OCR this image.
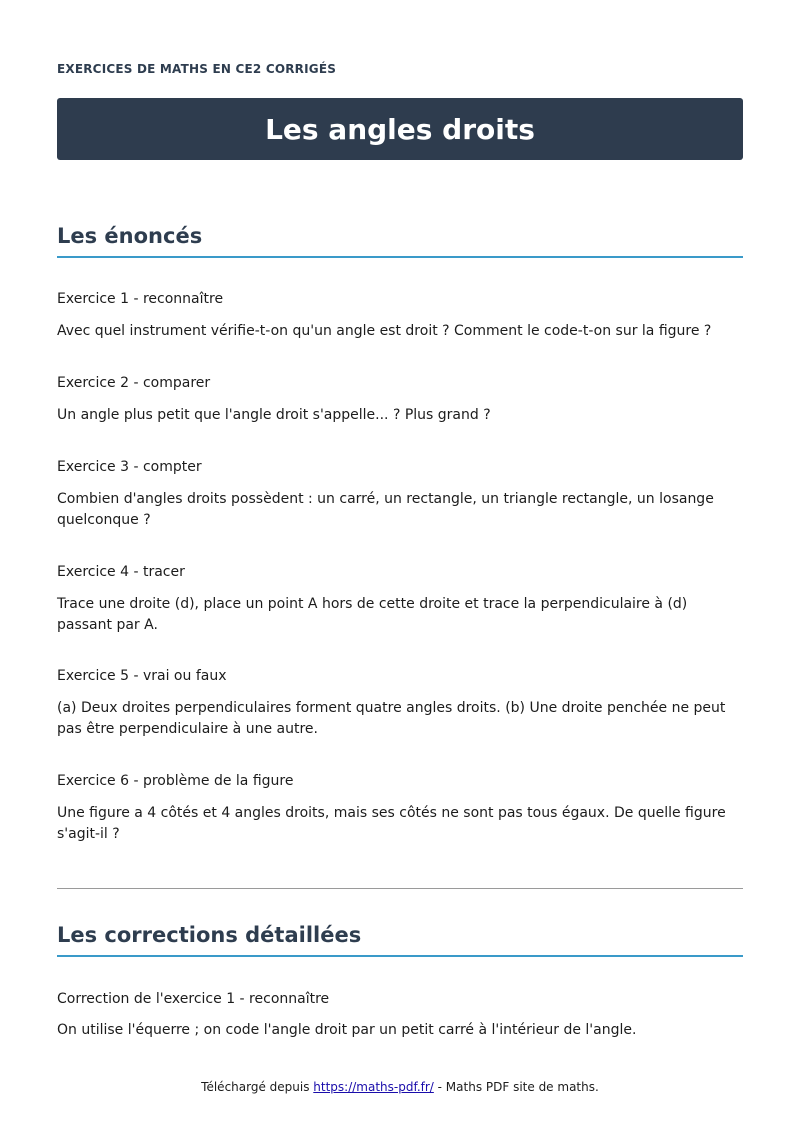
EXERCICES DE MATHS EN CE2 CORRIGÉS
Les angles droits
Les énoncés
Exercice 1 - reconnaître
Avec quel instrument vérifie-t-on qu'un angle est droit ? Comment le code-t-on sur la figure ?
Exercice 2 - comparer
Un angle plus petit que l'angle droit s'appelle... ? Plus grand ?
Exercice 3 - compter
Combien d'angles droits possèdent : un carré, un rectangle, un triangle rectangle, un losange quelconque ?
Exercice 4 - tracer
Trace une droite (d), place un point A hors de cette droite et trace la perpendiculaire à (d) passant par A.
Exercice 5 - vrai ou faux
(a) Deux droites perpendiculaires forment quatre angles droits. (b) Une droite penchée ne peut pas être perpendiculaire à une autre.
Exercice 6 - problème de la figure
Une figure a 4 côtés et 4 angles droits, mais ses côtés ne sont pas tous égaux. De quelle figure s'agit-il ?
Les corrections détaillées
Correction de l'exercice 1 - reconnaître
On utilise l'équerre ; on code l'angle droit par un petit carré à l'intérieur de l'angle.
Téléchargé depuis https://maths-pdf.fr/ - Maths PDF site de maths.
